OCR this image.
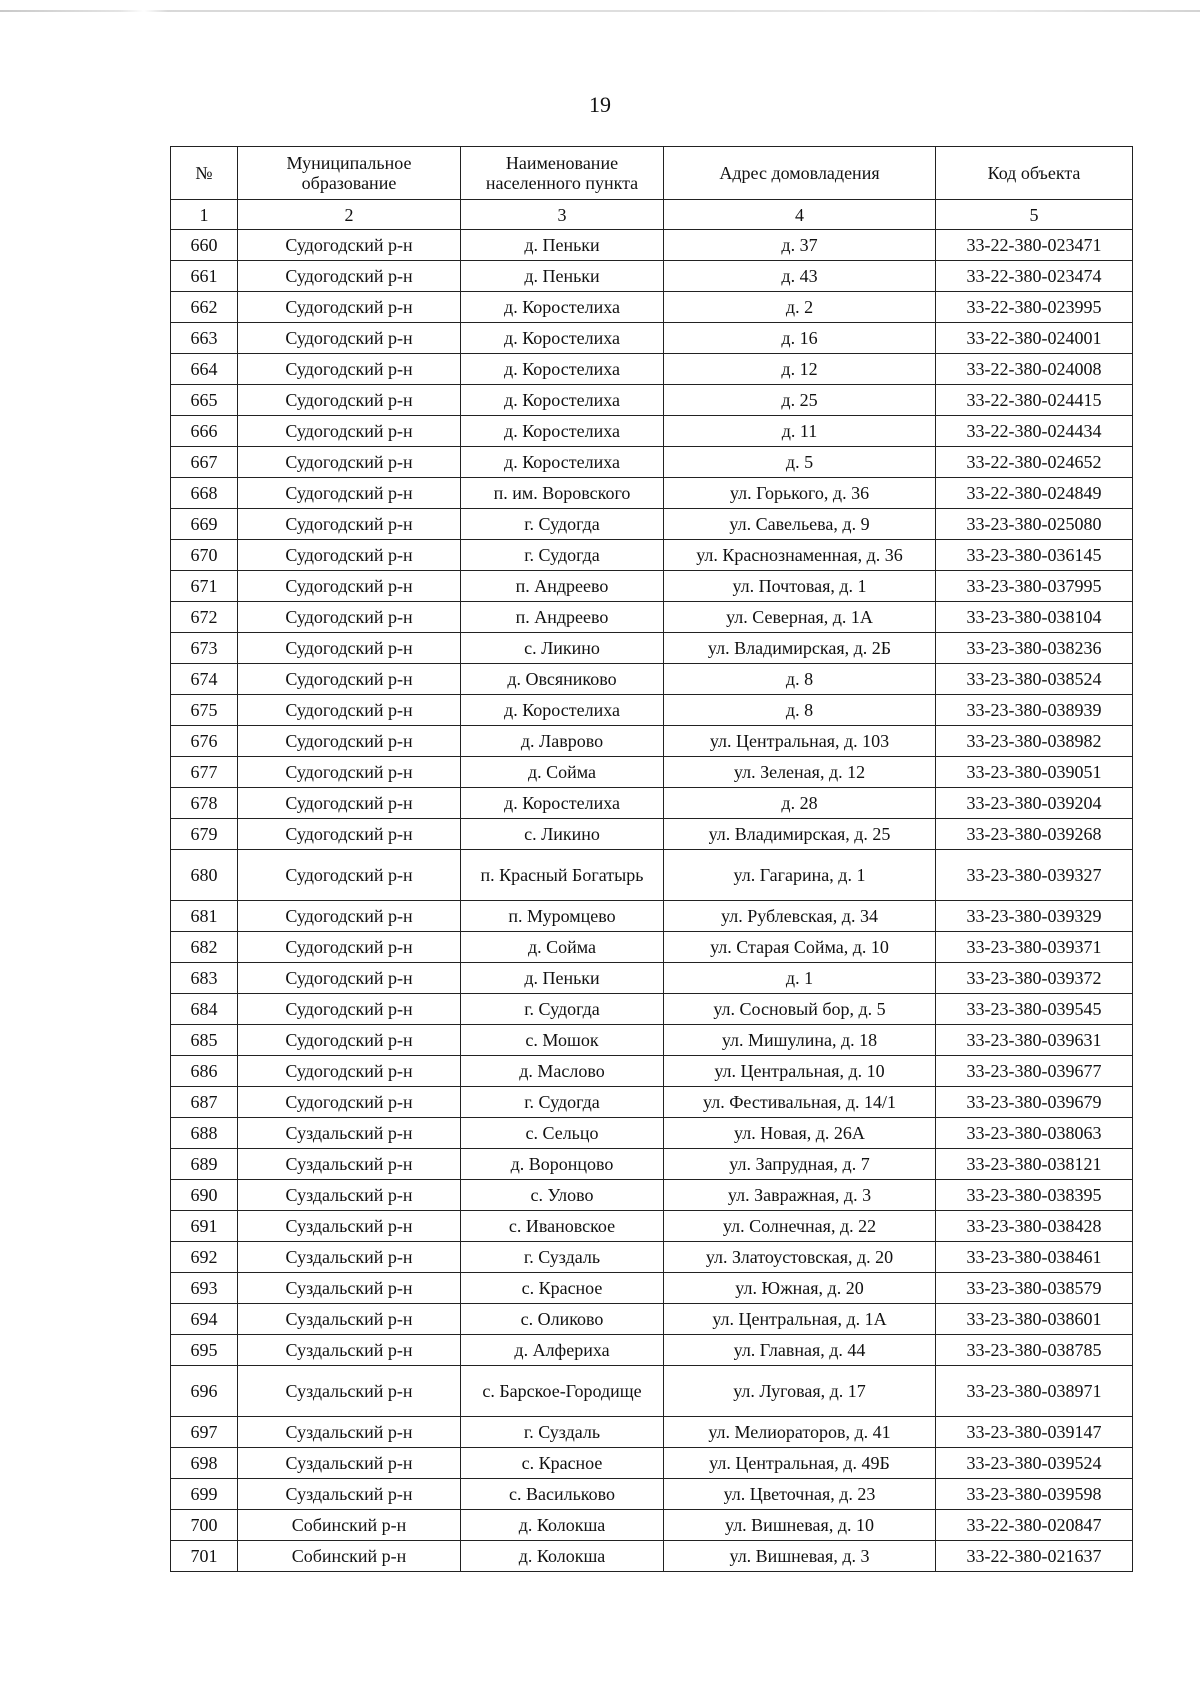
19
№	Муниципальное образование	Наименование населенного пункта	Адрес домовладения	Код объекта
1	2	3	4	5
660	Судогодский р-н	д. Пеньки	д. 37	33-22-380-023471
661	Судогодский р-н	д. Пеньки	д. 43	33-22-380-023474
662	Судогодский р-н	д. Коростелиха	д. 2	33-22-380-023995
663	Судогодский р-н	д. Коростелиха	д. 16	33-22-380-024001
664	Судогодский р-н	д. Коростелиха	д. 12	33-22-380-024008
665	Судогодский р-н	д. Коростелиха	д. 25	33-22-380-024415
666	Судогодский р-н	д. Коростелиха	д. 11	33-22-380-024434
667	Судогодский р-н	д. Коростелиха	д. 5	33-22-380-024652
668	Судогодский р-н	п. им. Воровского	ул. Горького, д. 36	33-22-380-024849
669	Судогодский р-н	г. Судогда	ул. Савельева, д. 9	33-23-380-025080
670	Судогодский р-н	г. Судогда	ул. Краснознаменная, д. 36	33-23-380-036145
671	Судогодский р-н	п. Андреево	ул. Почтовая, д. 1	33-23-380-037995
672	Судогодский р-н	п. Андреево	ул. Северная, д. 1А	33-23-380-038104
673	Судогодский р-н	с. Ликино	ул. Владимирская, д. 2Б	33-23-380-038236
674	Судогодский р-н	д. Овсяниково	д. 8	33-23-380-038524
675	Судогодский р-н	д. Коростелиха	д. 8	33-23-380-038939
676	Судогодский р-н	д. Лаврово	ул. Центральная, д. 103	33-23-380-038982
677	Судогодский р-н	д. Сойма	ул. Зеленая, д. 12	33-23-380-039051
678	Судогодский р-н	д. Коростелиха	д. 28	33-23-380-039204
679	Судогодский р-н	с. Ликино	ул. Владимирская, д. 25	33-23-380-039268
680	Судогодский р-н	п. Красный Богатырь	ул. Гагарина, д. 1	33-23-380-039327
681	Судогодский р-н	п. Муромцево	ул. Рублевская, д. 34	33-23-380-039329
682	Судогодский р-н	д. Сойма	ул. Старая Сойма, д. 10	33-23-380-039371
683	Судогодский р-н	д. Пеньки	д. 1	33-23-380-039372
684	Судогодский р-н	г. Судогда	ул. Сосновый бор, д. 5	33-23-380-039545
685	Судогодский р-н	с. Мошок	ул. Мишулина, д. 18	33-23-380-039631
686	Судогодский р-н	д. Маслово	ул. Центральная, д. 10	33-23-380-039677
687	Судогодский р-н	г. Судогда	ул. Фестивальная, д. 14/1	33-23-380-039679
688	Суздальский р-н	с. Сельцо	ул. Новая, д. 26А	33-23-380-038063
689	Суздальский р-н	д. Воронцово	ул. Запрудная, д. 7	33-23-380-038121
690	Суздальский р-н	с. Улово	ул. Завражная, д. 3	33-23-380-038395
691	Суздальский р-н	с. Ивановское	ул. Солнечная, д. 22	33-23-380-038428
692	Суздальский р-н	г. Суздаль	ул. Златоустовская, д. 20	33-23-380-038461
693	Суздальский р-н	с. Красное	ул. Южная, д. 20	33-23-380-038579
694	Суздальский р-н	с. Оликово	ул. Центральная, д. 1А	33-23-380-038601
695	Суздальский р-н	д. Алфериха	ул. Главная, д. 44	33-23-380-038785
696	Суздальский р-н	с. Барское-Городище	ул. Луговая, д. 17	33-23-380-038971
697	Суздальский р-н	г. Суздаль	ул. Мелиораторов, д. 41	33-23-380-039147
698	Суздальский р-н	с. Красное	ул. Центральная, д. 49Б	33-23-380-039524
699	Суздальский р-н	с. Васильково	ул. Цветочная, д. 23	33-23-380-039598
700	Собинский р-н	д. Колокша	ул. Вишневая, д. 10	33-22-380-020847
701	Собинский р-н	д. Колокша	ул. Вишневая, д. 3	33-22-380-021637
